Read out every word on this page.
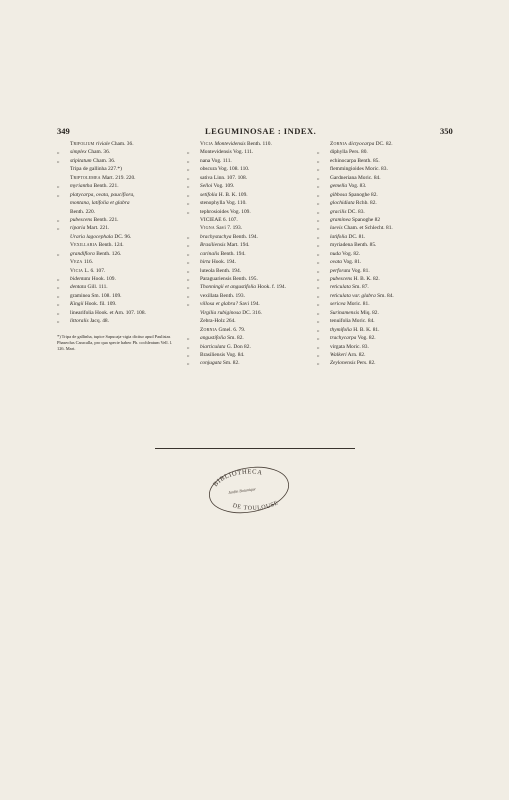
349	LEGUMINOSAE : INDEX.	350
Trifolium riviale Cham. 36.
„ simplex Cham. 36.
„ stipitatum Cham. 36.
Tripa de gallinha 227.*)
Triptolemea Mart. 219. 220.
„ myriantha Benth. 221.
„ platycarpa, ovata, paucifiora,
montana, latifolia et glabra
Benth. 220.
„ pubescens Benth. 221.
„ riparia Mart. 221.
Uraria lagocephala DC. 96.
Vexillaria Benth. 124.
„ grandiflora Benth. 126.
Veza 116.
Vicia L. 6. 107.
„ bidentata Hook. 109.
„ dentata Gill. 111.
„ graminea Sm. 108. 109.
„ Kingii Hook. fil. 109.
„ linearifolia Hook. et Arn. 107. 108.
„ littoralis Jacq. 48.
*) Tripa de gallinha, tupice Sapucaja-cigia dicitur apud Paulistas Phaseolus Caracalla, pro qua specie habeo Ph. cochleatum Vell. l. 126. Mart.
Vicia Montevidensis Benth. 110.
„ Montevidensis Vog. 111.
„ nana Vog. 111.
„ obscura Vog. 108. 110.
„ sativa Linn. 107. 108.
„ Selloi Vog. 109.
„ setifolia H. B. K. 109.
„ stenophylla Vog. 110.
„ tephrosioides Vog. 109.
VICIEAE 6. 107.
Vigna Savi 7. 193.
„ brachystachya Benth. 194.
„ Brasiliensis Mart. 194.
„ carinalis Benth. 194.
„ hirta Hook. 194.
„ luteola Benth. 194.
„ Paraguariensis Benth. 195.
„ Thonningii et angustifolia Hook. f. 194.
„ vexillata Benth. 193.
„ villosa et glabra? Savi 194.
Virgilia rubiginosa DC. 316.
Zebra-Holz 264.
Zornia Gmel. 6. 79.
„ angustifolia Sm. 82.
„ biarticulata G. Don 82.
„ Brasiliensis Vog. 84.
„ conjugata Sm. 82.
Zornia dictyocarpa DC. 82.
„ diphylla Pers. 80.
„ echinocarpa Benth. 85.
„ flemmingioides Moric. 83.
„ Gardneriana Moric. 84.
„ gemella Vog. 83.
„ gibbosa Spanoghe 82.
„ glochidiata Rchb. 82.
„ gracilis DC. 83.
„ graminea Spanoghe 82
„ laevis Cham. et Schlecht. 81.
„ latifolia DC. 81.
„ myriadena Benth. 85.
„ nuda Vog. 82.
„ ovata Vog. 81.
„ perforata Vog. 81.
„ pubescens H. B. K. 82.
„ reticulata Sm. 87.
„ reticulata var. glabra Sm. 84.
„ sericea Moric. 81.
„ Surinamensis Miq. 82.
„ tenuifolia Moric. 84.
„ thymifolia H. B. K. 81.
„ trachycarpa Vog. 82.
„ virgata Moric. 83.
„ Walkeri Arn. 82.
„ Zeylonensis Pers. 82.
BIBLIOTHECA
Jardin Botanique
DE TOULOUSE
